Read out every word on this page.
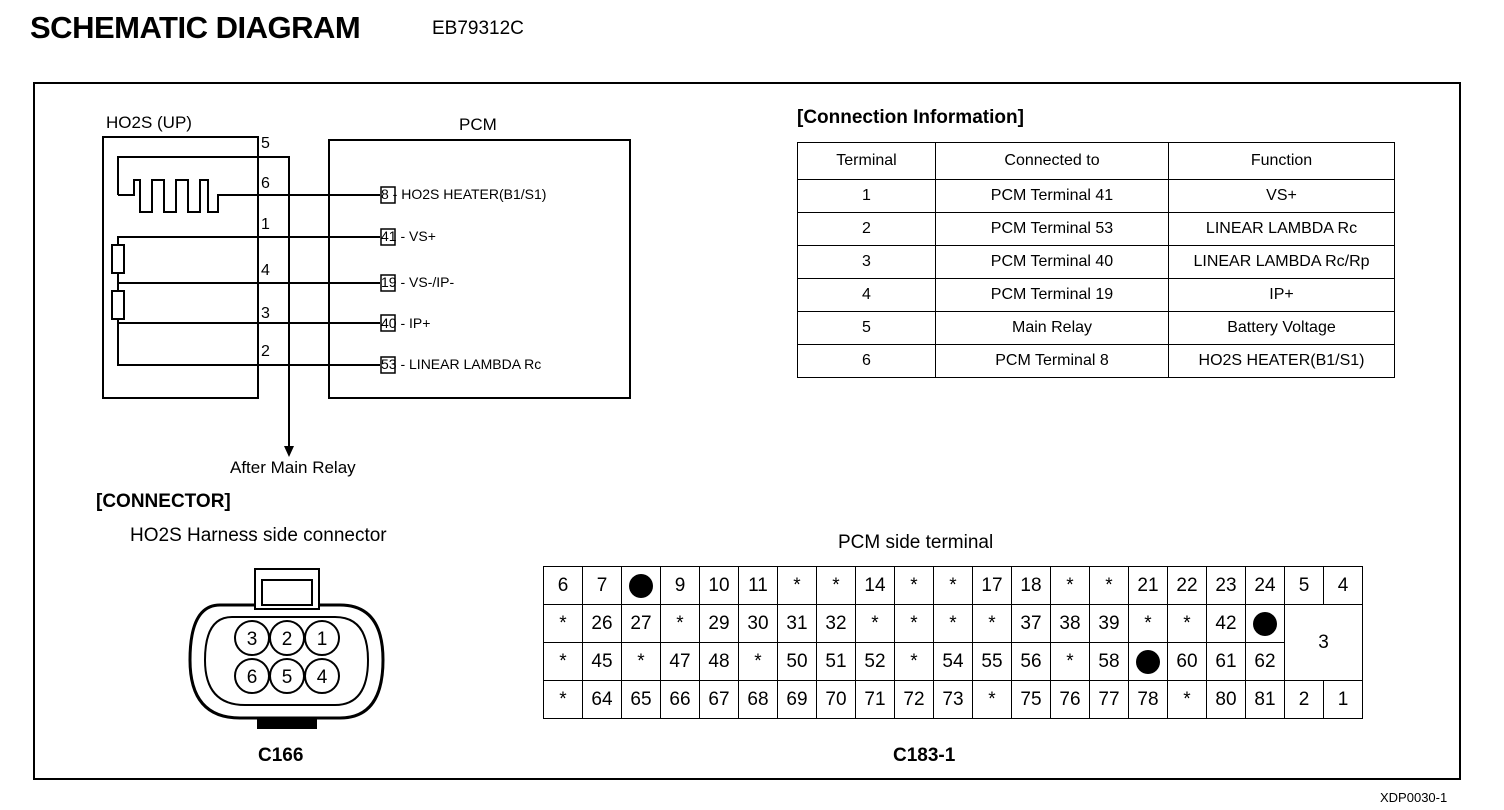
SCHEMATIC DIAGRAM	EB79312C
XDP0030-1
HO2S (UP)	PCM
5
6
1
4
3
2
8 - HO2S HEATER(B1/S1)
41 - VS+
19 - VS-/IP-
40 - IP+
53 - LINEAR LAMBDA Rc
After Main Relay
[Connection Information]
Terminal	Connected to	Function
1	PCM Terminal 41	VS+
2	PCM Terminal 53	LINEAR LAMBDA Rc
3	PCM Terminal 40	LINEAR LAMBDA Rc/Rp
4	PCM Terminal 19	IP+
5	Main Relay	Battery Voltage
6	PCM Terminal 8	HO2S HEATER(B1/S1)
[CONNECTOR]
HO2S Harness side connector
3 2 1
6 5 4
C166
PCM side terminal
6	7		9	10	11	*	*	14	*	*	17	18	*	*	21	22	23	24	5	4
*	26	27	*	29	30	31	32	*	*	*	*	37	38	39	*	*	42		3	
*	45	*	47	48	*	50	51	52	*	54	55	56	*	58		60	61	62		
*	64	65	66	67	68	69	70	71	72	73	*	75	76	77	78	*	80	81	2	1
C183-1
